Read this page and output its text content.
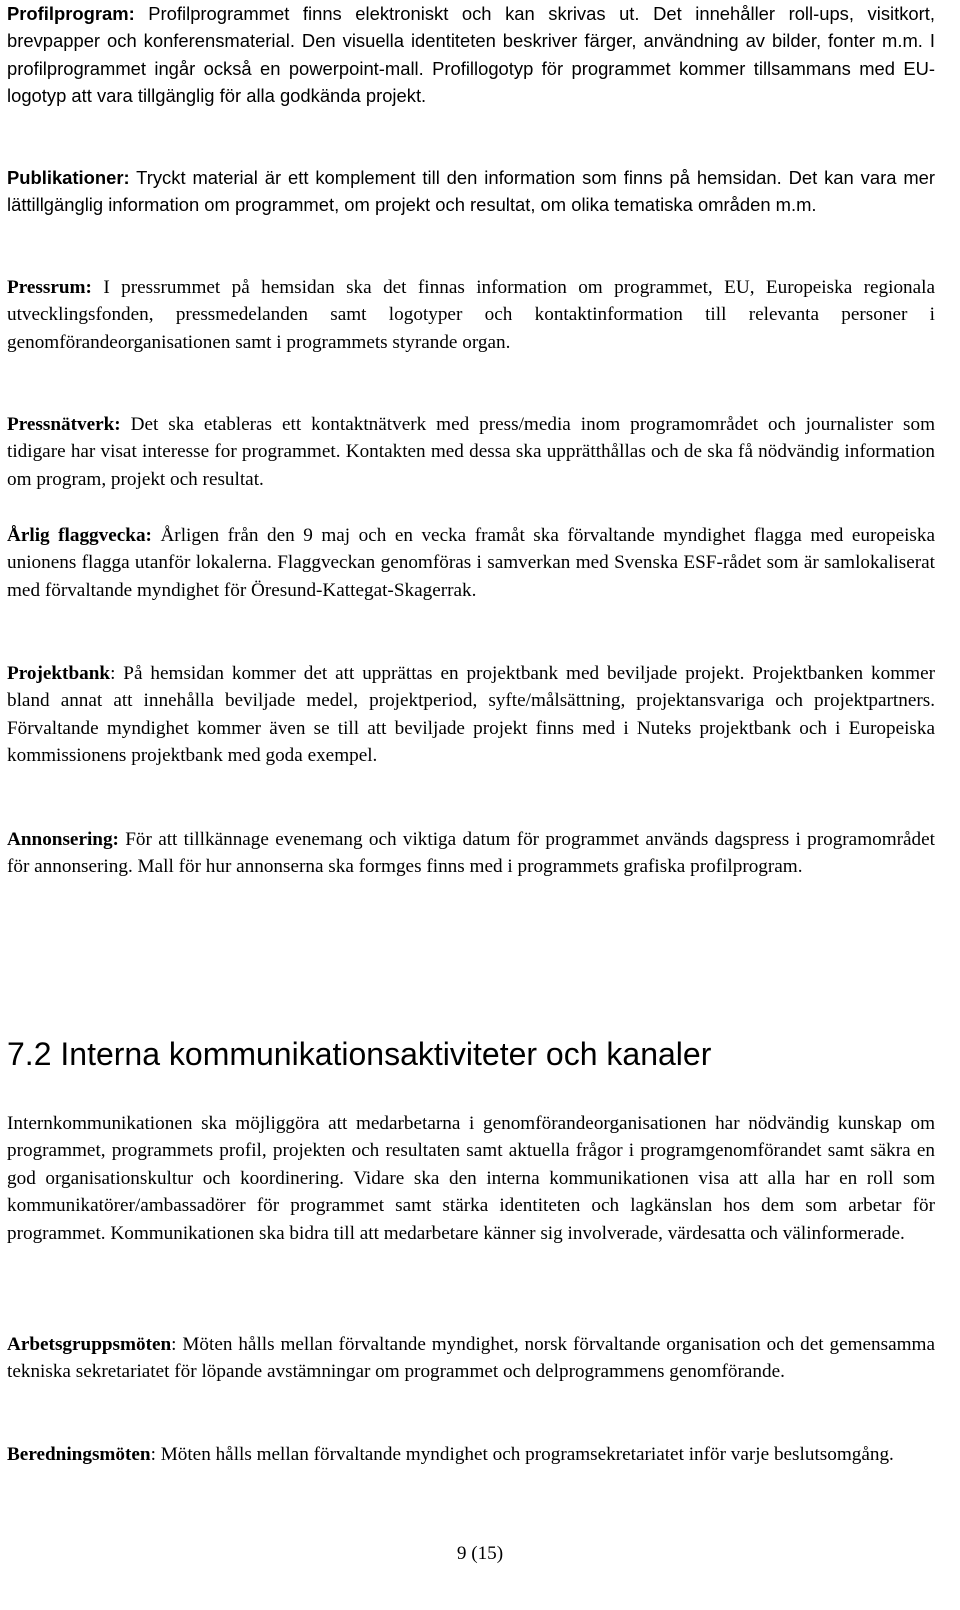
Profilprogram: Profilprogrammet finns elektroniskt och kan skrivas ut. Det innehåller roll-ups, visitkort, brevpapper och konferensmaterial. Den visuella identiteten beskriver färger, användning av bilder, fonter m.m. I profilprogrammet ingår också en powerpoint-mall. Profillogotyp för programmet kommer tillsammans med EU-logotyp att vara tillgänglig för alla godkända projekt.

Publikationer: Tryckt material är ett komplement till den information som finns på hemsidan. Det kan vara mer lättillgänglig information om programmet, om projekt och resultat, om olika tematiska områden m.m.

Pressrum: I pressrummet på hemsidan ska det finnas information om programmet, EU, Europeiska regionala utvecklingsfonden, pressmedelanden samt logotyper och kontaktinformation till relevanta personer i genomförandeorganisationen samt i programmets styrande organ.

Pressnätverk: Det ska etableras ett kontaktnätverk med press/media inom programområdet och journalister som tidigare har visat interesse for programmet. Kontakten med dessa ska upprätthållas och de ska få nödvändig information om program, projekt och resultat.

Årlig flaggvecka: Årligen från den 9 maj och en vecka framåt ska förvaltande myndighet flagga med europeiska unionens flagga utanför lokalerna. Flaggveckan genomföras i samverkan med Svenska ESF-rådet som är samlokaliserat med förvaltande myndighet för Öresund-Kattegat-Skagerrak.

Projektbank: På hemsidan kommer det att upprättas en projektbank med beviljade projekt. Projektbanken kommer bland annat att innehålla beviljade medel, projektperiod, syfte/målsättning, projektansvariga och projektpartners. Förvaltande myndighet kommer även se till att beviljade projekt finns med i Nuteks projektbank och i Europeiska kommissionens projektbank med goda exempel.

Annonsering: För att tillkännage evenemang och viktiga datum för programmet används dagspress i programområdet för annonsering. Mall för hur annonserna ska formges finns med i programmets grafiska profilprogram.

7.2 Interna kommunikationsaktiviteter och kanaler

Internkommunikationen ska möjliggöra att medarbetarna i genomförandeorganisationen har nödvändig kunskap om programmet, programmets profil, projekten och resultaten samt aktuella frågor i programgenomförandet samt säkra en god organisationskultur och koordinering. Vidare ska den interna kommunikationen visa att alla har en roll som kommunikatörer/ambassadörer för programmet samt stärka identiteten och lagkänslan hos dem som arbetar för programmet. Kommunikationen ska bidra till att medarbetare känner sig involverade, värdesatta och välinformerade.

Arbetsgruppsmöten: Möten hålls mellan förvaltande myndighet, norsk förvaltande organisation och det gemensamma tekniska sekretariatet för löpande avstämningar om programmet och delprogrammens genomförande.

Beredningsmöten: Möten hålls mellan förvaltande myndighet och programsekretariatet inför varje beslutsomgång.

9 (15)
